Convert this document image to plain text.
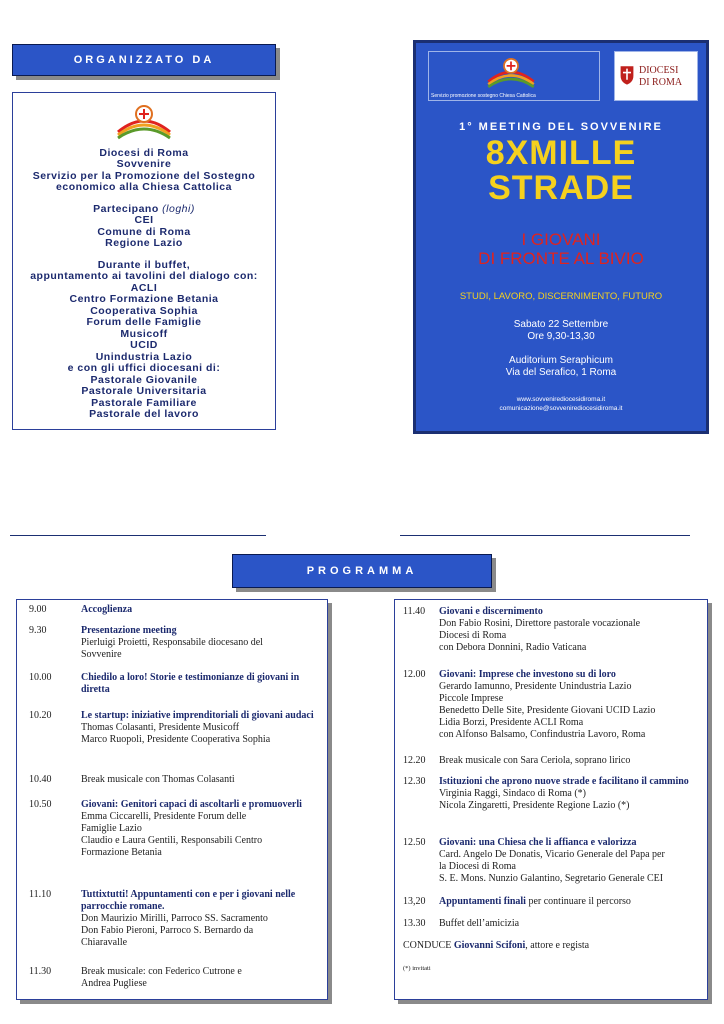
ORGANIZZATO DA
Diocesi di Roma
Sovvenire
Servizio per la Promozione del Sostegno
economico alla Chiesa Cattolica
Partecipano (loghi)
CEI
Comune di Roma
Regione Lazio
Durante il buffet,
appuntamento ai tavolini del dialogo con:
ACLI
Centro Formazione Betania
Cooperativa Sophia
Forum delle Famiglie
Musicoff
UCID
Unindustria Lazio
e con gli uffici diocesani di:
Pastorale Giovanile
Pastorale Universitaria
Pastorale Familiare
Pastorale del lavoro
Servizio promozione sostegno Chiesa Cattolica
DIOCESI
DI ROMA
1° MEETING DEL SOVVENIRE
8XMILLE
STRADE
I GIOVANI
DI FRONTE AL BIVIO
STUDI, LAVORO, DISCERNIMENTO, FUTURO
Sabato 22 Settembre
Ore 9,30-13,30
Auditorium Seraphicum
Via del Serafico, 1 Roma
www.sovvenirediocesidiroma.it
comunicazione@sovvenirediocesidiroma.it
PROGRAMMA
9.00	Accoglienza
9.30	Presentazione meeting
Pierluigi Proietti, Responsabile diocesano del
Sovvenire
10.00	Chiedilo a loro! Storie e testimonianze di giovani in diretta
10.20	Le startup: iniziative imprenditoriali di giovani audaci
Thomas Colasanti, Presidente Musicoff
Marco Ruopoli, Presidente Cooperativa Sophia
10.40	Break musicale con Thomas Colasanti
10.50	Giovani: Genitori capaci di ascoltarli e promuoverli
Emma Ciccarelli, Presidente Forum delle
Famiglie Lazio
Claudio e Laura Gentili, Responsabili Centro
Formazione Betania
11.10	Tuttixtutti! Appuntamenti con e per i giovani nelle parrocchie romane.
Don Maurizio Mirilli, Parroco SS. Sacramento
Don Fabio Pieroni, Parroco S. Bernardo da
Chiaravalle
11.30	Break musicale: con Federico Cutrone e
Andrea Pugliese
11.40	Giovani e discernimento
Don Fabio Rosini, Direttore pastorale vocazionale
Diocesi di Roma
con Debora Donnini, Radio Vaticana
12.00	Giovani: Imprese che investono su di loro
Gerardo Iamunno, Presidente Unindustria Lazio
Piccole Imprese
Benedetto Delle Site, Presidente Giovani UCID Lazio
Lidia Borzi, Presidente ACLI Roma
con Alfonso Balsamo, Confindustria Lavoro, Roma
12.20	Break musicale con Sara Ceriola, soprano lirico
12.30	Istituzioni che aprono nuove strade e facilitano il cammino
Virginia Raggi, Sindaco di Roma (*)
Nicola Zingaretti, Presidente Regione Lazio (*)
12.50	Giovani: una Chiesa che li affianca e valorizza
Card. Angelo De Donatis, Vicario Generale del Papa per
la Diocesi di Roma
S. E. Mons. Nunzio Galantino, Segretario Generale CEI
13,20	Appuntamenti finali per continuare il percorso
13.30	Buffet dell’amicizia
CONDUCE Giovanni Scifoni, attore e regista
(*) invitati
